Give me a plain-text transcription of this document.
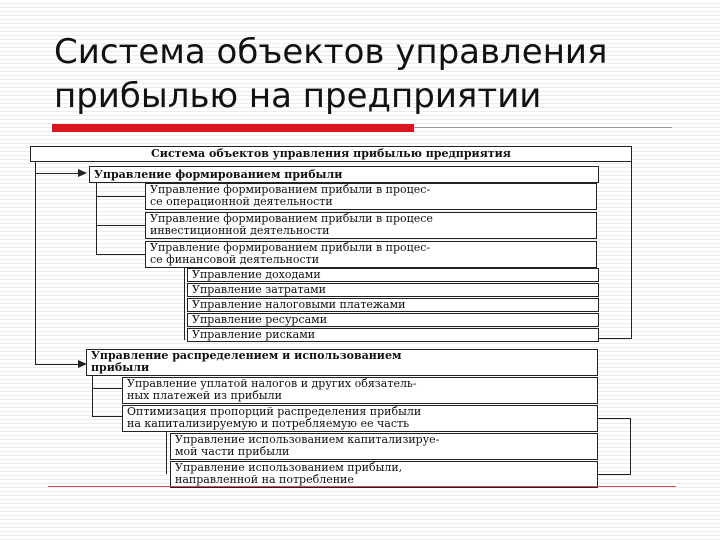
Система объектов управления
прибылью на предприятии
Система объектов управления прибылью предприятия
Управление формированием прибыли
Управление формированием прибыли в процес-
се операционной деятельности
Управление формированием прибыли в процесе
инвестиционной деятельности
Управление формированием прибыли в процес-
се финансовой деятельности
Управление доходами
Управление затратами
Управление налоговыми платежами
Управление ресурсами
Управление рисками
Управление распределением и использованием
прибыли
Управление уплатой налогов и других обязатель-
ных платежей из прибыли
Оптимизация пропорций распределения прибыли
на капитализируемую и потребляемую ее часть
Управление использованием капитализируе-
мой части прибыли
Управление использованием прибыли,
направленной на потребление
